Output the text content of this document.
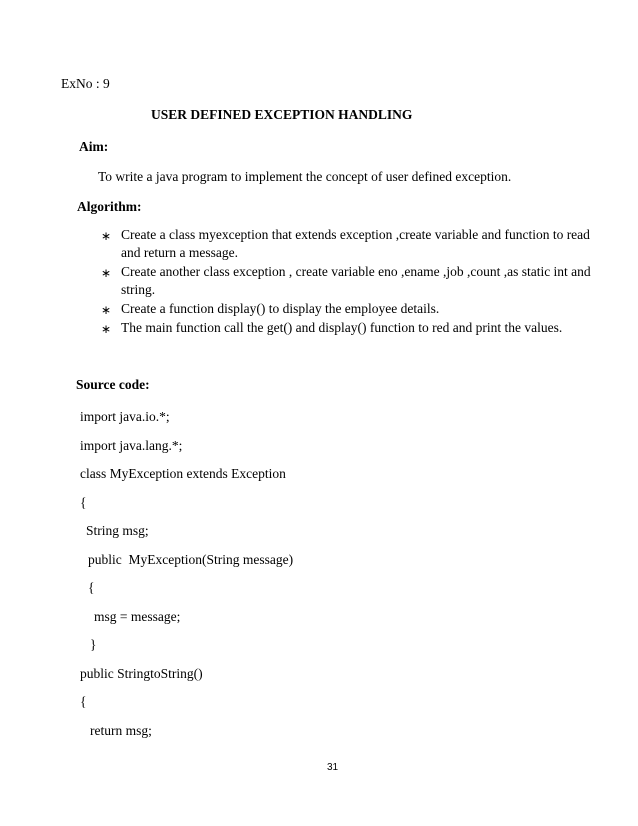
ExNo : 9
USER DEFINED EXCEPTION HANDLING
Aim:
To write a java program to implement the concept of user defined exception.
Algorithm:
∗ Create a class myexception that extends exception ,create variable and function to read and return a message.
∗ Create another class exception , create variable eno ,ename ,job ,count ,as static int and string.
∗ Create a function display() to display the employee details.
∗ The main function call the get() and display() function to red and print the values.
Source code:
import java.io.*;
import java.lang.*;
class MyException extends Exception
{
String msg;
public  MyException(String message)
{
msg = message;
}
public StringtoString()
{
return msg;
31
